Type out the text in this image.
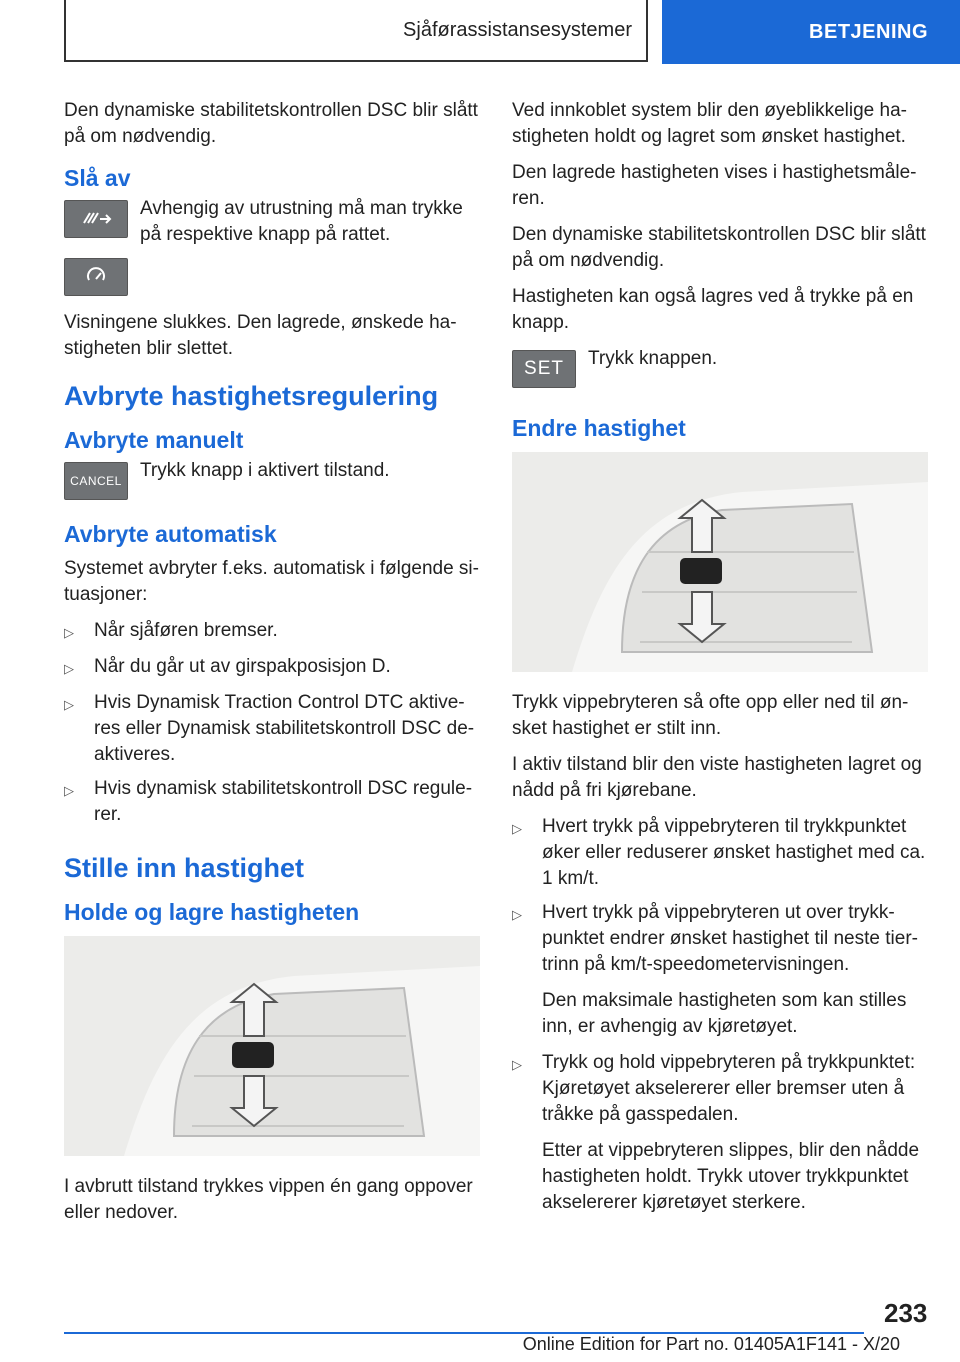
Sjåførassistansesystemer	BETJENING

Den dynamiske stabilitetskontrollen DSC blir slått på om nødvendig.

Slå av
Avhengig av utrustning må man trykke på respektive knapp på rattet.

Visningene slukkes. Den lagrede, ønskede ha-stigheten blir slettet.

Avbryte hastighetsregulering
Avbryte manuelt
CANCEL Trykk knapp i aktivert tilstand.
Avbryte automatisk

Systemet avbryter f.eks. automatisk i følgende si-tuasjoner:

▷	Når sjåføren bremser.
▷	Når du går ut av girspakposisjon D.
▷	Hvis Dynamisk Traction Control DTC aktive-res eller Dynamisk stabilitetskontroll DSC de-aktiveres.
▷	Hvis dynamisk stabilitetskontroll DSC regule-rer.
Stille inn hastighet
Holde og lagre hastigheten

I avbrutt tilstand trykkes vippen én gang oppover eller nedover.

Ved innkoblet system blir den øyeblikkelige ha-stigheten holdt og lagret som ønsket hastighet.

Den lagrede hastigheten vises i hastighetsmåle-ren.

Den dynamiske stabilitetskontrollen DSC blir slått på om nødvendig.

Hastigheten kan også lagres ved å trykke på en knapp.

SET Trykk knappen.
Endre hastighet

Trykk vippebryteren så ofte opp eller ned til øn-sket hastighet er stilt inn.

I aktiv tilstand blir den viste hastigheten lagret og nådd på fri kjørebane.

▷	Hvert trykk på vippebryteren til trykkpunktet øker eller reduserer ønsket hastighet med ca. 1 km/t.
▷	Hvert trykk på vippebryteren ut over trykk-punktet endrer ønsket hastighet til neste tier-trinn på km/t-speedometervisningen.

Den maksimale hastigheten som kan stilles inn, er avhengig av kjøretøyet.

▷	Trykk og hold vippebryteren på trykkpunktet: Kjøretøyet akselererer eller bremser uten å tråkke på gasspedalen.

Etter at vippebryteren slippes, blir den nådde hastigheten holdt. Trykk utover trykkpunktet akselererer kjøretøyet sterkere.

233
Online Edition for Part no. 01405A1F141 - X/20
